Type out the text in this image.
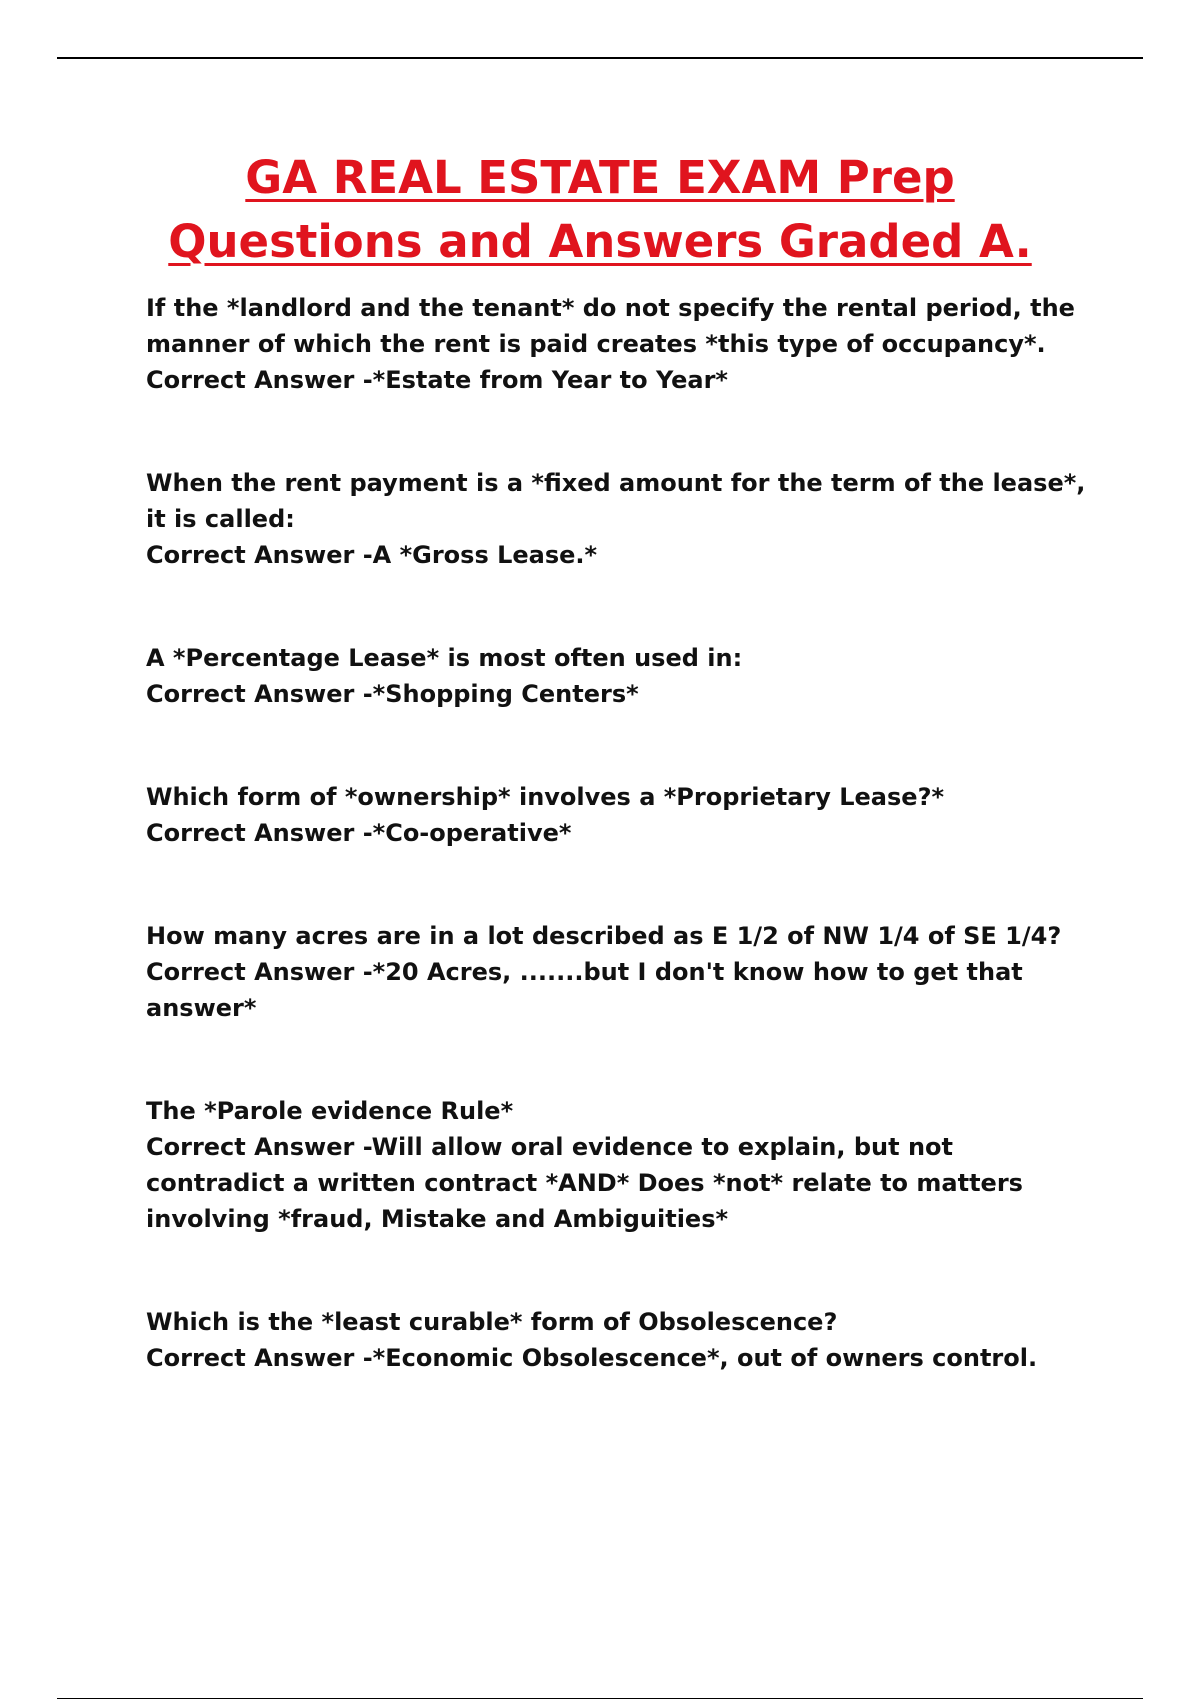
GA REAL ESTATE EXAM Prep Questions and Answers Graded A.

If the *landlord and the tenant* do not specify the rental period, the manner of which the rent is paid creates *this type of occupancy*.

Correct Answer -*Estate from Year to Year*

When the rent payment is a *fixed amount for the term of the lease*, it is called:

Correct Answer -A *Gross Lease.*

A *Percentage Lease* is most often used in:

Correct Answer -*Shopping Centers*

Which form of *ownership* involves a *Proprietary Lease?*

Correct Answer -*Co-operative*

How many acres are in a lot described as E 1/2 of NW 1/4 of SE 1/4?

Correct Answer -*20 Acres, .......but I don't know how to get that answer*

The *Parole evidence Rule*

Correct Answer -Will allow oral evidence to explain, but not contradict a written contract *AND* Does *not* relate to matters involving *fraud, Mistake and Ambiguities*

Which is the *least curable* form of Obsolescence?

Correct Answer -*Economic Obsolescence*, out of owners control.
